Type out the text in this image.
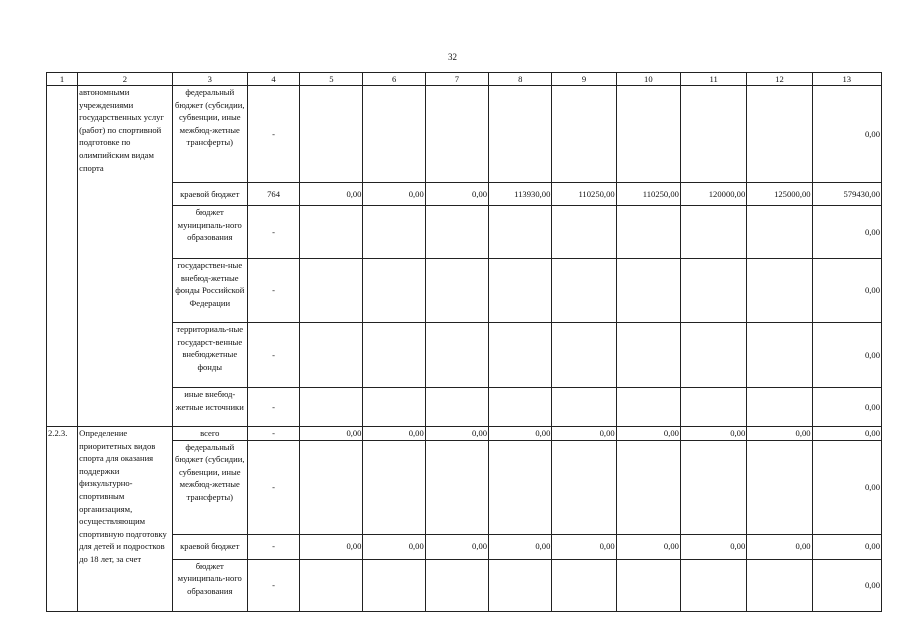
32
1	2	3	4	5	6	7	8	9	10	11	12	13
	автономными учреждениями государственных услуг (работ) по спортивной подготовке по олимпийским видам спорта	федеральный бюджет (субсидии, субвенции, иные межбюд-жетные трансферты)	-									0,00
		краевой бюджет	764	0,00	0,00	0,00	113930,00	110250,00	110250,00	120000,00	125000,00	579430,00
		бюджет муниципаль-ного образования	-									0,00
		государствен-ные внебюд-жетные фонды Российской Федерации	-									0,00
		территориаль-ные государст-венные внебюджетные фонды	-									0,00
		иные внебюд-жетные источники	-									0,00
2.2.3.	Определение приоритетных видов спорта для оказания поддержки физкультурно-спортивным организациям, осуществляющим спортивную подготовку для детей и подростков до 18 лет, за счет	всего	-	0,00	0,00	0,00	0,00	0,00	0,00	0,00	0,00	0,00
		федеральный бюджет (субсидии, субвенции, иные межбюд-жетные трансферты)	-									0,00
		краевой бюджет	-	0,00	0,00	0,00	0,00	0,00	0,00	0,00	0,00	0,00
		бюджет муниципаль-ного образования	-									0,00
